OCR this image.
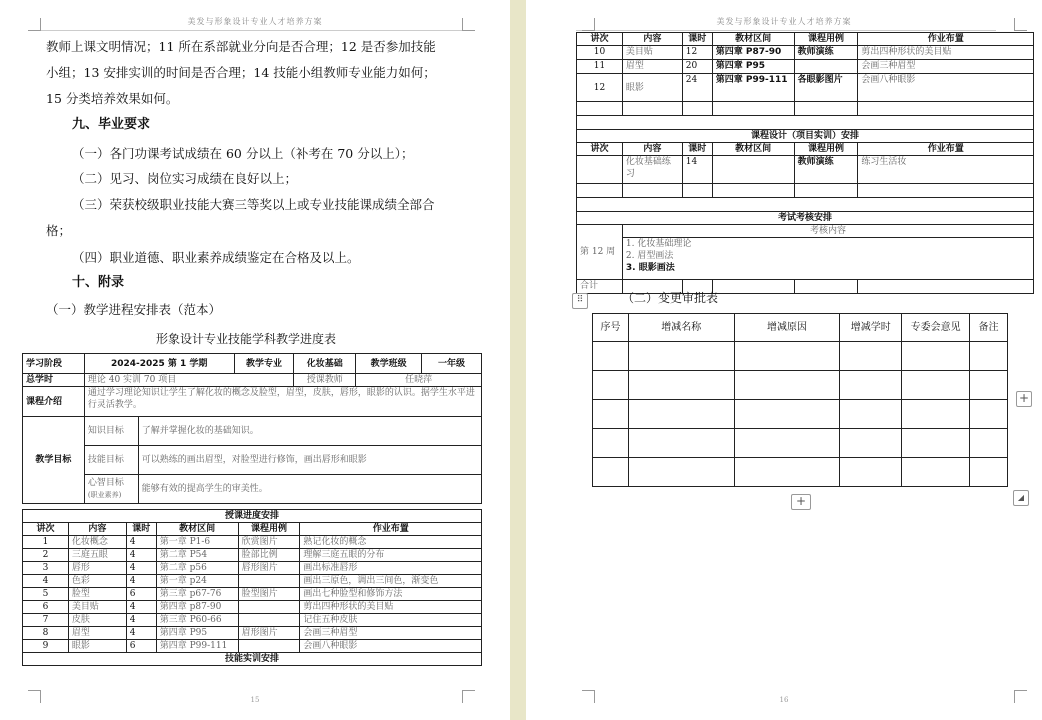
美发与形象设计专业人才培养方案
教师上课文明情况；11 所在系部就业分向是否合理；12 是否参加技能
小组；13 安排实训的时间是否合理；14 技能小组教师专业能力如何；
15 分类培养效果如何。
九、毕业要求
（一）各门功课考试成绩在 60 分以上（补考在 70 分以上）；
（二）见习、岗位实习成绩在良好以上；
（三）荣获校级职业技能大赛三等奖以上或专业技能课成绩全部合
格；
（四）职业道德、职业素养成绩鉴定在合格及以上。
十、附录
（一）教学进程安排表（范本）
形象设计专业技能学科教学进度表
学习阶段	2024-2025 第 1 学期		教学专业	化妆基础	教学班级	一年级
总学时	理论 40 实训 70 项目			授课教师	任晓萍	
课程介绍	通过学习理论知识让学生了解化妆的概念及脸型，眉型，皮肤，唇形，眼影的认识。据学生水平进行灵活教学。					
教学目标	知识目标	了解并掌握化妆的基础知识。				
	技能目标	可以熟练的画出眉型，对脸型进行修饰，画出唇形和眼影				
	心智目标
(职业素养)	能够有效的提高学生的审美性。				
授课进度安排					
讲次	内容	课时	教材区间	课程用例	作业布置
1	化妆概念	4	第一章 P1-6	欣赏图片	熟记化妆的概念
2	三庭五眼	4	第二章 P54	脸部比例	理解三庭五眼的分布
3	唇形	4	第二章 p56	唇形图片	画出标准唇形
4	色彩	4	第一章 p24		画出三原色，调出三间色，渐变色
5	脸型	6	第三章 p67-76	脸型图片	画出七种脸型和修饰方法
6	美目贴	4	第四章 p87-90		剪出四种形状的美目贴
7	皮肤	4	第三章 P60-66		记住五种皮肤
8	眉型	4	第四章 P95	眉形图片	会画三种眉型
9	眼影	6	第四章 P99-111		会画八种眼影
技能实训安排					
15
美发与形象设计专业人才培养方案
讲次	内容	课时	教材区间	课程用例	作业布置
10	美目贴	12	第四章 P87-90	教师演练	剪出四种形状的美目贴
11	眉型	20	第四章 P95		会画三种眉型
12	眼影	24	第四章 P99-111	各眼影图片	会画八种眼影

课程设计（项目实训）安排					
讲次	内容	课时	教材区间	课程用例	作业布置
	化妆基础练习	14		教师演练	练习生活妆

考试考核安排					
第 12 周	考核内容				

	1. 化妆基础理论
2. 眉型画法
3. 眼影画法				

合计					
⠿	（二）变更审批表
序号	增减名称	增减原因	增减学时	专委会意见	备注

+
+	◢
16
